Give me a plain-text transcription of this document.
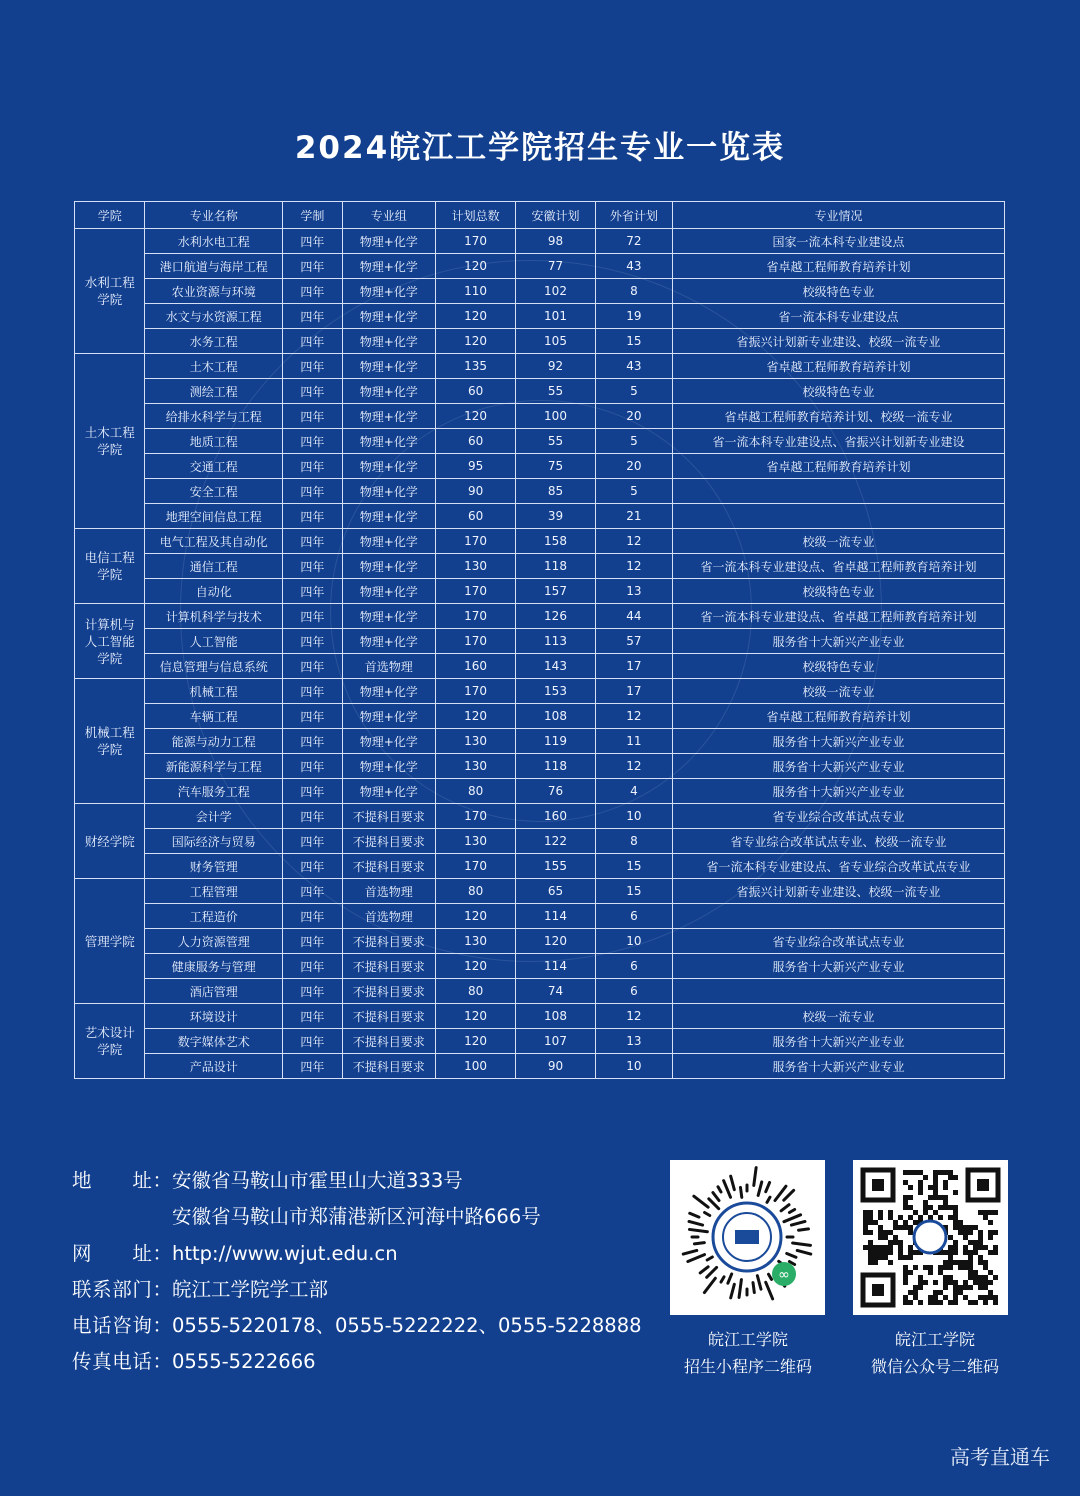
2024皖江工学院招生专业一览表
学院	专业名称	学制	专业组	计划总数	安徽计划	外省计划	专业情况
水利工程
学院	水利水电工程	四年	物理+化学	170	98	72	国家一流本科专业建设点
	港口航道与海岸工程	四年	物理+化学	120	77	43	省卓越工程师教育培养计划
	农业资源与环境	四年	物理+化学	110	102	8	校级特色专业
	水文与水资源工程	四年	物理+化学	120	101	19	省一流本科专业建设点
	水务工程	四年	物理+化学	120	105	15	省振兴计划新专业建设、校级一流专业
土木工程
学院	土木工程	四年	物理+化学	135	92	43	省卓越工程师教育培养计划
	测绘工程	四年	物理+化学	60	55	5	校级特色专业
	给排水科学与工程	四年	物理+化学	120	100	20	省卓越工程师教育培养计划、校级一流专业
	地质工程	四年	物理+化学	60	55	5	省一流本科专业建设点、省振兴计划新专业建设
	交通工程	四年	物理+化学	95	75	20	省卓越工程师教育培养计划
	安全工程	四年	物理+化学	90	85	5	
	地理空间信息工程	四年	物理+化学	60	39	21	
电信工程
学院	电气工程及其自动化	四年	物理+化学	170	158	12	校级一流专业
	通信工程	四年	物理+化学	130	118	12	省一流本科专业建设点、省卓越工程师教育培养计划
	自动化	四年	物理+化学	170	157	13	校级特色专业
计算机与
人工智能
学院	计算机科学与技术	四年	物理+化学	170	126	44	省一流本科专业建设点、省卓越工程师教育培养计划
	人工智能	四年	物理+化学	170	113	57	服务省十大新兴产业专业
	信息管理与信息系统	四年	首选物理	160	143	17	校级特色专业
机械工程
学院	机械工程	四年	物理+化学	170	153	17	校级一流专业
	车辆工程	四年	物理+化学	120	108	12	省卓越工程师教育培养计划
	能源与动力工程	四年	物理+化学	130	119	11	服务省十大新兴产业专业
	新能源科学与工程	四年	物理+化学	130	118	12	服务省十大新兴产业专业
	汽车服务工程	四年	物理+化学	80	76	4	服务省十大新兴产业专业
财经学院	会计学	四年	不提科目要求	170	160	10	省专业综合改革试点专业
	国际经济与贸易	四年	不提科目要求	130	122	8	省专业综合改革试点专业、校级一流专业
	财务管理	四年	不提科目要求	170	155	15	省一流本科专业建设点、省专业综合改革试点专业
管理学院	工程管理	四年	首选物理	80	65	15	省振兴计划新专业建设、校级一流专业
	工程造价	四年	首选物理	120	114	6	
	人力资源管理	四年	不提科目要求	130	120	10	省专业综合改革试点专业
	健康服务与管理	四年	不提科目要求	120	114	6	服务省十大新兴产业专业
	酒店管理	四年	不提科目要求	80	74	6	
艺术设计
学院	环境设计	四年	不提科目要求	120	108	12	校级一流专业
	数字媒体艺术	四年	不提科目要求	120	107	13	服务省十大新兴产业专业
	产品设计	四年	不提科目要求	100	90	10	服务省十大新兴产业专业
地　　址： 安徽省马鞍山市霍里山大道333号
安徽省马鞍山市郑蒲港新区河海中路666号
网　　址： http://www.wjut.edu.cn
联系部门： 皖江工学院学工部
电话咨询： 0555-5220178、0555-5222222、0555-5228888
传真电话： 0555-5222666
∞
皖江工学院
招生小程序二维码
皖江工学院
微信公众号二维码
高考直通车
